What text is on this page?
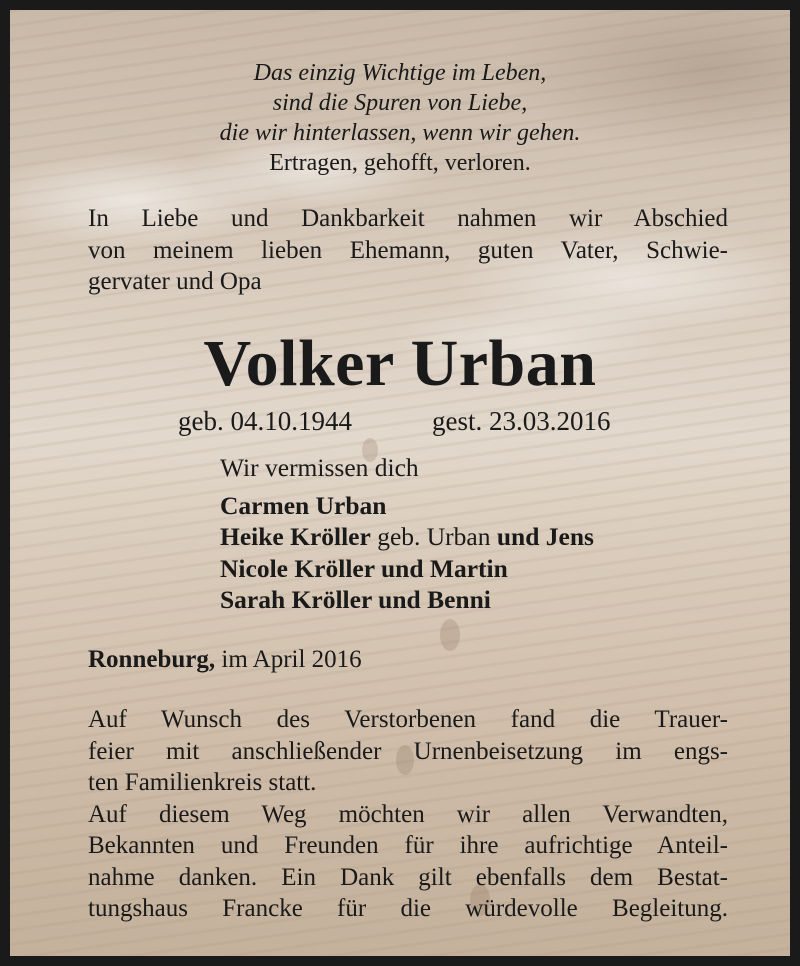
Das einzig Wichtige im Leben,
sind die Spuren von Liebe,
die wir hinterlassen, wenn wir gehen.
Ertragen, gehofft, verloren.
In Liebe und Dankbarkeit nahmen wir Abschied
von meinem lieben Ehemann, guten Vater, Schwie-
gervater und Opa
Volker Urban
geb. 04.10.1944	gest. 23.03.2016
Wir vermissen dich
Carmen Urban
Heike Kröller geb. Urban und Jens
Nicole Kröller und Martin
Sarah Kröller und Benni
Ronneburg, im April 2016
Auf Wunsch des Verstorbenen fand die Trauer-
feier mit anschließender Urnenbeisetzung im engs-
ten Familienkreis statt.
Auf diesem Weg möchten wir allen Verwandten,
Bekannten und Freunden für ihre aufrichtige Anteil-
nahme danken. Ein Dank gilt ebenfalls dem Bestat-
tungshaus Francke für die würdevolle Begleitung.
